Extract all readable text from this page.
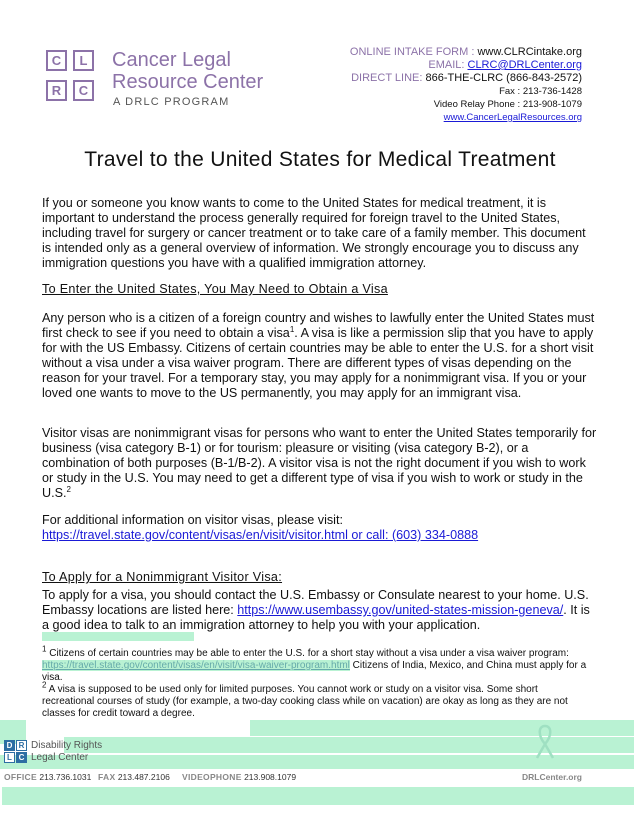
C	L
R	C
Cancer Legal
Resource Center
A DRLC PROGRAM
ONLINE INTAKE FORM : www.CLRCintake.org
EMAIL: CLRC@DRLCenter.org
DIRECT LINE: 866-THE-CLRC (866-843-2572)
Fax : 213-736-1428
Video Relay Phone : 213-908-1079
www.CancerLegalResources.org
Travel to the United States for Medical Treatment
If you or someone you know wants to come to the United States for medical treatment, it is important to understand the process generally required for foreign travel to the United States, including travel for surgery or cancer treatment or to take care of a family member. This document is intended only as a general overview of information. We strongly encourage you to discuss any immigration questions you have with a qualified immigration attorney.
To Enter the United States, You May Need to Obtain a Visa
Any person who is a citizen of a foreign country and wishes to lawfully enter the United States must first check to see if you need to obtain a visa$^1$. A visa is like a permission slip that you have to apply for with the US Embassy. Citizens of certain countries may be able to enter the U.S. for a short visit without a visa under a visa waiver program. There are different types of visas depending on the reason for your travel. For a temporary stay, you may apply for a nonimmigrant visa. If you or your loved one wants to move to the US permanently, you may apply for an immigrant visa.
Visitor visas are nonimmigrant visas for persons who want to enter the United States temporarily for business (visa category B-1) or for tourism: pleasure or visiting (visa category B-2), or a combination of both purposes (B-1/B-2). A visitor visa is not the right document if you wish to work or study in the U.S. You may need to get a different type of visa if you wish to work or study in the U.S.$^2$
For additional information on visitor visas, please visit:
https://travel.state.gov/content/visas/en/visit/visitor.html or call: (603) 334-0888
To Apply for a Nonimmigrant Visitor Visa:
To apply for a visa, you should contact the U.S. Embassy or Consulate nearest to your home. U.S. Embassy locations are listed here: https://www.usembassy.gov/united-states-mission-geneva/. It is a good idea to talk to an immigration attorney to help you with your application.
$^1$ Citizens of certain countries may be able to enter the U.S. for a short stay without a visa under a visa waiver program: https://travel.state.gov/content/visas/en/visit/visa-waiver-program.html Citizens of India, Mexico, and China must apply for a visa.
$^2$ A visa is supposed to be used only for limited purposes. You cannot work or study on a visitor visa. Some short recreational courses of study (for example, a two-day cooking class while on vacation) are okay as long as they are not classes for credit toward a degree.
D R
L C
Disability Rights
Legal Center
OFFICE 213.736.1031 FAX 213.487.2106 VIDEOPHONE 213.908.1079	DRLCenter.org
